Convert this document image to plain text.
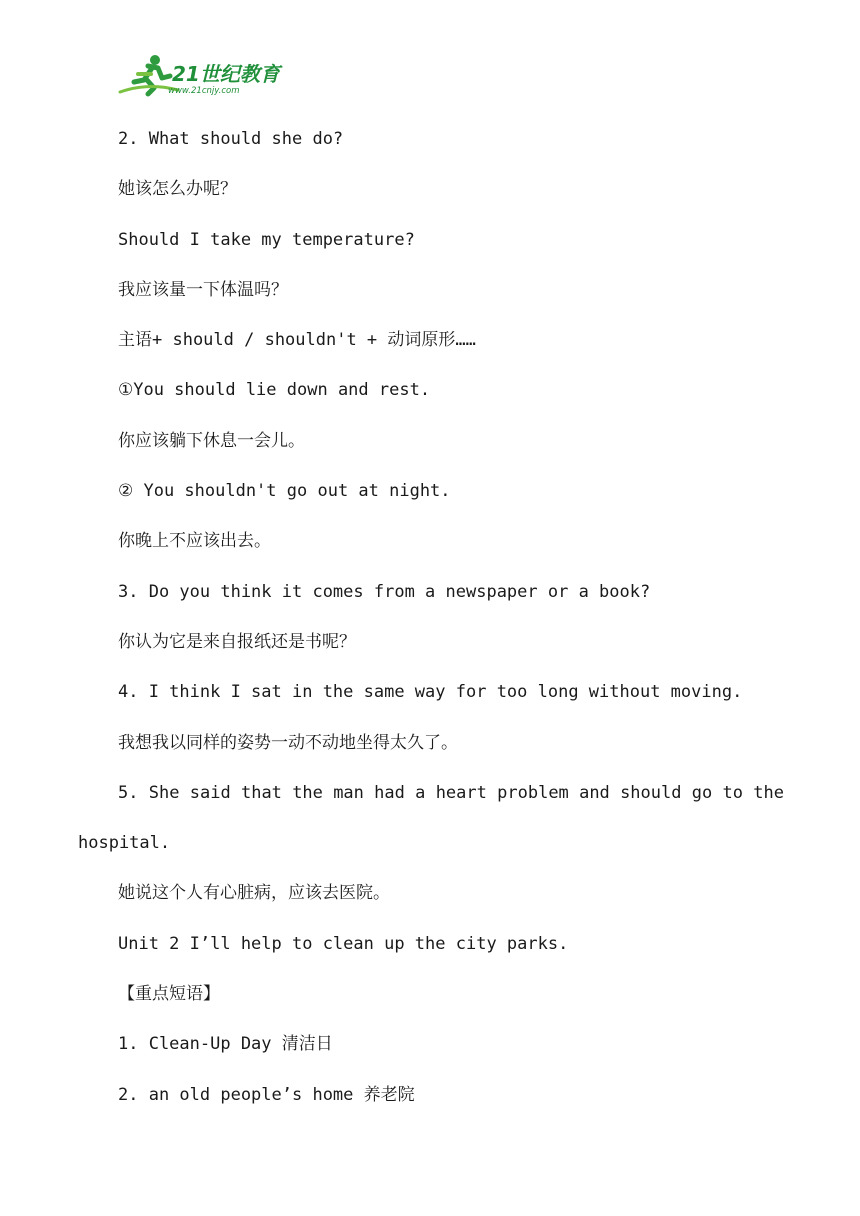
21世纪教育
www.21cnjy.com
2. What should she do?
她该怎么办呢？
Should I take my temperature?
我应该量一下体温吗？
主语+ should / shouldn't + 动词原形……
①You should lie down and rest.
你应该躺下休息一会儿。
② You shouldn't go out at night.
你晚上不应该出去。
3. Do you think it comes from a newspaper or a book?
你认为它是来自报纸还是书呢？
4. I think I sat in the same way for too long without moving.
我想我以同样的姿势一动不动地坐得太久了。
5. She said that the man had a heart problem and should go to the hospital.
她说这个人有心脏病，应该去医院。
Unit 2 I’ll help to clean up the city parks.
【重点短语】
1. Clean-Up Day 清洁日
2. an old people’s home 养老院
